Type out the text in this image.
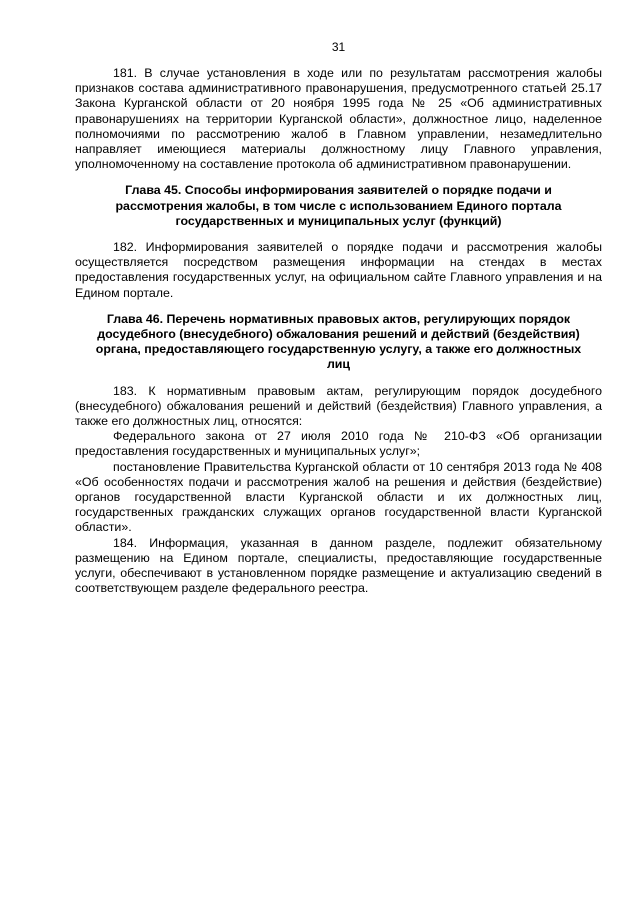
31

181. В случае установления в ходе или по результатам рассмотрения жалобы признаков состава административного правонарушения, предусмотренного статьей 25.17 Закона Курганской области от 20 ноября 1995 года № 25 «Об административных правонарушениях на территории Курганской области», должностное лицо, наделенное полномочиями по рассмотрению жалоб в Главном управлении, незамедлительно направляет имеющиеся материалы должностному лицу Главного управления, уполномоченному на составление протокола об административном правонарушении.

Глава 45. Способы информирования заявителей о порядке подачи и рассмотрения жалобы, в том числе с использованием Единого портала государственных и муниципальных услуг (функций)

182. Информирования заявителей о порядке подачи и рассмотрения жалобы осуществляется посредством размещения информации на стендах в местах предоставления государственных услуг, на официальном сайте Главного управления и на Едином портале.

Глава 46. Перечень нормативных правовых актов, регулирующих порядок досудебного (внесудебного) обжалования решений и действий (бездействия) органа, предоставляющего государственную услугу, а также его должностных лиц

183. К нормативным правовым актам, регулирующим порядок досудебного (внесудебного) обжалования решений и действий (бездействия) Главного управления, а также его должностных лиц, относятся:

Федерального закона от 27 июля 2010 года № 210-ФЗ «Об организации предоставления государственных и муниципальных услуг»;

постановление Правительства Курганской области от 10 сентября 2013 года № 408 «Об особенностях подачи и рассмотрения жалоб на решения и действия (бездействие) органов государственной власти Курганской области и их должностных лиц, государственных гражданских служащих органов государственной власти Курганской области».

184. Информация, указанная в данном разделе, подлежит обязательному размещению на Едином портале, специалисты, предоставляющие государственные услуги, обеспечивают в установленном порядке размещение и актуализацию сведений в соответствующем разделе федерального реестра.
